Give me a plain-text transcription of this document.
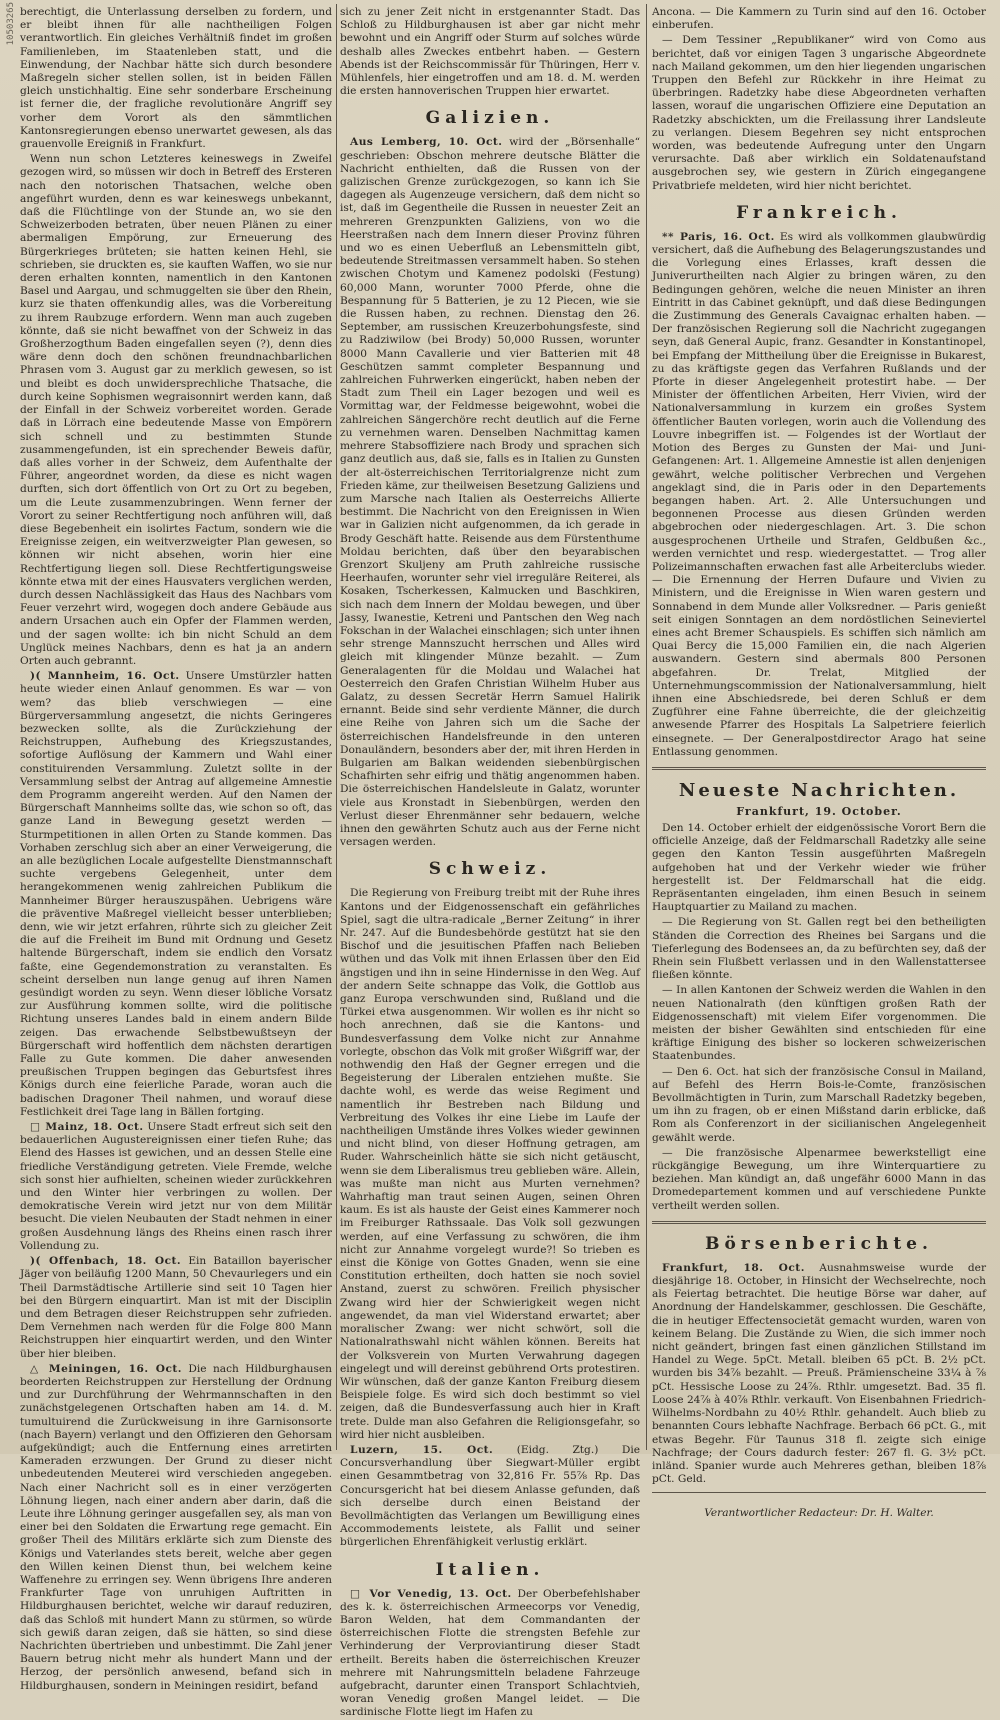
10503265 berechtigt, die Unterlassung derselben zu fordern, und er bleibt ihnen für alle nachtheiligen Folgen verantwortlich. Ein gleiches Verhältniß findet im großen Familienleben, im Staatenleben statt, und die Einwendung, der Nachbar hätte sich durch besondere Maßregeln sicher stellen sollen, ist in beiden Fällen gleich unstichhaltig. Eine sehr sonderbare Erscheinung ist ferner die, der fragliche revolutionäre Angriff sey vorher dem Vorort als den sämmtlichen Kantonsregierungen ebenso unerwartet gewesen, als das grauenvolle Ereigniß in Frankfurt.

Wenn nun schon Letzteres keineswegs in Zweifel gezogen wird, so müssen wir doch in Betreff des Ersteren nach den notorischen Thatsachen, welche oben angeführt wurden, denn es war keineswegs unbekannt, daß die Flüchtlinge von der Stunde an, wo sie den Schweizerboden betraten, über neuen Plänen zu einer abermaligen Empörung, zur Erneuerung des Bürgerkrieges brüteten; sie hatten keinen Hehl, sie schrieben, sie druckten es, sie kauften Waffen, wo sie nur deren erhalten konnten, namentlich in den Kantonen Basel und Aargau, und schmuggelten sie über den Rhein, kurz sie thaten offenkundig alles, was die Vorbereitung zu ihrem Raubzuge erfordern. Wenn man auch zugeben könnte, daß sie nicht bewaffnet von der Schweiz in das Großherzogthum Baden eingefallen seyen (?), denn dies wäre denn doch den schönen freundnachbarlichen Phrasen vom 3. August gar zu merklich gewesen, so ist und bleibt es doch unwidersprechliche Thatsache, die durch keine Sophismen wegraisonnirt werden kann, daß der Einfall in der Schweiz vorbereitet worden. Gerade daß in Lörrach eine bedeutende Masse von Empörern sich schnell und zu bestimmten Stunde zusammengefunden, ist ein sprechender Beweis dafür, daß alles vorher in der Schweiz, dem Aufenthalte der Führer, angeordnet worden, da diese es nicht wagen durften, sich dort öffentlich von Ort zu Ort zu begeben, um die Leute zusammenzubringen. Wenn ferner der Vorort zu seiner Rechtfertigung noch anführen will, daß diese Begebenheit ein isolirtes Factum, sondern wie die Ereignisse zeigen, ein weitverzweigter Plan gewesen, so können wir nicht absehen, worin hier eine Rechtfertigung liegen soll. Diese Rechtfertigungsweise könnte etwa mit der eines Hausvaters verglichen werden, durch dessen Nachlässigkeit das Haus des Nachbars vom Feuer verzehrt wird, wogegen doch andere Gebäude aus andern Ursachen auch ein Opfer der Flammen werden, und der sagen wollte: ich bin nicht Schuld an dem Unglück meines Nachbars, denn es hat ja an andern Orten auch gebrannt.

)( Mannheim, 16. Oct. Unsere Umstürzler hatten heute wieder einen Anlauf genommen. Es war — von wem? das blieb verschwiegen — eine Bürgerversammlung angesetzt, die nichts Geringeres bezwecken sollte, als die Zurückziehung der Reichstruppen, Aufhebung des Kriegszustandes, sofortige Auflösung der Kammern und Wahl einer constituirenden Versammlung. Zuletzt sollte in der Versammlung selbst der Antrag auf allgemeine Amnestie dem Programm angereiht werden. Auf den Namen der Bürgerschaft Mannheims sollte das, wie schon so oft, das ganze Land in Bewegung gesetzt werden — Sturmpetitionen in allen Orten zu Stande kommen. Das Vorhaben zerschlug sich aber an einer Verweigerung, die an alle bezüglichen Locale aufgestellte Dienstmannschaft suchte vergebens Gelegenheit, unter dem herangekommenen wenig zahlreichen Publikum die Mannheimer Bürger herauszuspähen. Uebrigens wäre die präventive Maßregel vielleicht besser unterblieben; denn, wie wir jetzt erfahren, rührte sich zu gleicher Zeit die auf die Freiheit im Bund mit Ordnung und Gesetz haltende Bürgerschaft, indem sie endlich den Vorsatz faßte, eine Gegendemonstration zu veranstalten. Es scheint derselben nun lange genug auf ihren Namen gesündigt worden zu seyn. Wenn dieser löbliche Vorsatz zur Ausführung kommen sollte, wird die politische Richtung unseres Landes bald in einem andern Bilde zeigen. Das erwachende Selbstbewußtseyn der Bürgerschaft wird hoffentlich dem nächsten derartigen Falle zu Gute kommen. Die daher anwesenden preußischen Truppen begingen das Geburtsfest ihres Königs durch eine feierliche Parade, woran auch die badischen Dragoner Theil nahmen, und worauf diese Festlichkeit drei Tage lang in Bällen fortging.

□ Mainz, 18. Oct. Unsere Stadt erfreut sich seit den bedauerlichen Augustereignissen einer tiefen Ruhe; das Elend des Hasses ist gewichen, und an dessen Stelle eine friedliche Verständigung getreten. Viele Fremde, welche sich sonst hier aufhielten, scheinen wieder zurückkehren und den Winter hier verbringen zu wollen. Der demokratische Verein wird jetzt nur von dem Militär besucht. Die vielen Neubauten der Stadt nehmen in einer großen Ausdehnung längs des Rheins einen rasch ihrer Vollendung zu.

)( Offenbach, 18. Oct. Ein Bataillon bayerischer Jäger von beiläufig 1200 Mann, 50 Chevaurlegers und ein Theil Darmstädtische Artillerie sind seit 10 Tagen hier bei den Bürgern einquartirt. Man ist mit der Disciplin und dem Betragen dieser Reichstruppen sehr zufrieden. Dem Vernehmen nach werden für die Folge 800 Mann Reichstruppen hier einquartirt werden, und den Winter über hier bleiben.

△ Meiningen, 16. Oct. Die nach Hildburghausen beorderten Reichstruppen zur Herstellung der Ordnung und zur Durchführung der Wehrmannschaften in den zunächstgelegenen Ortschaften haben am 14. d. M. tumultuirend die Zurückweisung in ihre Garnisonsorte (nach Bayern) verlangt und den Offizieren den Gehorsam aufgekündigt; auch die Entfernung eines arretirten Kameraden erzwungen. Der Grund zu dieser nicht unbedeutenden Meuterei wird verschieden angegeben. Nach einer Nachricht soll es in einer verzögerten Löhnung liegen, nach einer andern aber darin, daß die Leute ihre Löhnung geringer ausgefallen sey, als man von einer bei den Soldaten die Erwartung rege gemacht. Ein großer Theil des Militärs erklärte sich zum Dienste des Königs und Vaterlandes stets bereit, welche aber gegen den Willen keinen Dienst thun, bei welchem keine Waffenehre zu erringen sey. Wenn übrigens Ihre anderen Frankfurter Tage von unruhigen Auftritten in Hildburghausen berichtet, welche wir darauf reduziren, daß das Schloß mit hundert Mann zu stürmen, so würde sich gewiß daran zeigen, daß sie hätten, so sind diese Nachrichten übertrieben und unbestimmt. Die Zahl jener Bauern betrug nicht mehr als hundert Mann und der Herzog, der persönlich anwesend, befand sich in Hildburghausen, sondern in Meiningen residirt, befand

sich zu jener Zeit nicht in erstgenannter Stadt. Das Schloß zu Hildburghausen ist aber gar nicht mehr bewohnt und ein Angriff oder Sturm auf solches würde deshalb alles Zweckes entbehrt haben. — Gestern Abends ist der Reichscommissär für Thüringen, Herr v. Mühlenfels, hier eingetroffen und am 18. d. M. werden die ersten hannoverischen Truppen hier erwartet.

Galizien.

Aus Lemberg, 10. Oct. wird der „Börsenhalle“ geschrieben: Obschon mehrere deutsche Blätter die Nachricht enthielten, daß die Russen von der galizischen Grenze zurückgezogen, so kann ich Sie dagegen als Augenzeuge versichern, daß dem nicht so ist, daß im Gegentheile die Russen in neuester Zeit an mehreren Grenzpunkten Galiziens, von wo die Heerstraßen nach dem Innern dieser Provinz führen und wo es einen Ueberfluß an Lebensmitteln gibt, bedeutende Streitmassen versammelt haben. So stehen zwischen Chotym und Kamenez podolski (Festung) 60,000 Mann, worunter 7000 Pferde, ohne die Bespannung für 5 Batterien, je zu 12 Piecen, wie sie die Russen haben, zu rechnen. Dienstag den 26. September, am russischen Kreuzerbohungsfeste, sind zu Radziwilow (bei Brody) 50,000 Russen, worunter 8000 Mann Cavallerie und vier Batterien mit 48 Geschützen sammt completer Bespannung und zahlreichen Fuhrwerken eingerückt, haben neben der Stadt zum Theil ein Lager bezogen und weil es Vormittag war, der Feldmesse beigewohnt, wobei die zahlreichen Sängerchöre recht deutlich auf die Ferne zu vernehmen waren. Denselben Nachmittag kamen mehrere Stabsoffiziere nach Brody und sprachen sich ganz deutlich aus, daß sie, falls es in Italien zu Gunsten der alt-österreichischen Territorialgrenze nicht zum Frieden käme, zur theilweisen Besetzung Galiziens und zum Marsche nach Italien als Oesterreichs Allierte bestimmt. Die Nachricht von den Ereignissen in Wien war in Galizien nicht aufgenommen, da ich gerade in Brody Geschäft hatte. Reisende aus dem Fürstenthume Moldau berichten, daß über den beyarabischen Grenzort Skuljeny am Pruth zahlreiche russische Heerhaufen, worunter sehr viel irreguläre Reiterei, als Kosaken, Tscherkessen, Kalmucken und Baschkiren, sich nach dem Innern der Moldau bewegen, und über Jassy, Iwanestie, Ketreni und Pantschen den Weg nach Fokschan in der Walachei einschlagen; sich unter ihnen sehr strenge Mannszucht herrschen und Alles wird gleich mit klingender Münze bezahlt. — Zum Generalagenten für die Moldau und Walachei hat Oesterreich den Grafen Christian Wilhelm Huber aus Galatz, zu dessen Secretär Herrn Samuel Halirik ernannt. Beide sind sehr verdiente Männer, die durch eine Reihe von Jahren sich um die Sache der österreichischen Handelsfreunde in den unteren Donauländern, besonders aber der, mit ihren Herden in Bulgarien am Balkan weidenden siebenbürgischen Schafhirten sehr eifrig und thätig angenommen haben. Die österreichischen Handelsleute in Galatz, worunter viele aus Kronstadt in Siebenbürgen, werden den Verlust dieser Ehrenmänner sehr bedauern, welche ihnen den gewährten Schutz auch aus der Ferne nicht versagen werden.

Schweiz.

Die Regierung von Freiburg treibt mit der Ruhe ihres Kantons und der Eidgenossenschaft ein gefährliches Spiel, sagt die ultra-radicale „Berner Zeitung“ in ihrer Nr. 247. Auf die Bundesbehörde gestützt hat sie den Bischof und die jesuitischen Pfaffen nach Belieben wüthen und das Volk mit ihnen Erlassen über den Eid ängstigen und ihn in seine Hindernisse in den Weg. Auf der andern Seite schnappe das Volk, die Gottlob aus ganz Europa verschwunden sind, Rußland und die Türkei etwa ausgenommen. Wir wollen es ihr nicht so hoch anrechnen, daß sie die Kantons- und Bundesverfassung dem Volke nicht zur Annahme vorlegte, obschon das Volk mit großer Wißgriff war, der nothwendig den Haß der Gegner erregen und die Begeisterung der Liberalen entziehen mußte. Sie dachte wohl, es werde das weise Regiment und namentlich ihr Bestreben nach Bildung und Verbreitung des Volkes ihr eine Liebe im Laufe der nachtheiligen Umstände ihres Volkes wieder gewinnen und nicht blind, von dieser Hoffnung getragen, am Ruder. Wahrscheinlich hätte sie sich nicht getäuscht, wenn sie dem Liberalismus treu geblieben wäre. Allein, was mußte man nicht aus Murten vernehmen? Wahrhaftig man traut seinen Augen, seinen Ohren kaum. Es ist als hauste der Geist eines Kammerer noch im Freiburger Rathssaale. Das Volk soll gezwungen werden, auf eine Verfassung zu schwören, die ihm nicht zur Annahme vorgelegt wurde?! So trieben es einst die Könige von Gottes Gnaden, wenn sie eine Constitution ertheilten, doch hatten sie noch soviel Anstand, zuerst zu schwören. Freilich physischer Zwang wird hier der Schwierigkeit wegen nicht angewendet, da man viel Widerstand erwartet; aber moralischer Zwang: wer nicht schwört, soll die Nationalrathswahl nicht wählen können. Bereits hat der Volksverein von Murten Verwahrung dagegen eingelegt und will dereinst gebührend Orts protestiren. Wir wünschen, daß der ganze Kanton Freiburg diesem Beispiele folge. Es wird sich doch bestimmt so viel zeigen, daß die Bundesverfassung auch hier in Kraft trete. Dulde man also Gefahren die Religionsgefahr, so wird hier nicht ausbleiben.

Luzern, 15. Oct. (Eidg. Ztg.) Die Concursverhandlung über Siegwart-Müller ergibt einen Gesammtbetrag von 32,816 Fr. 55⅞ Rp. Das Concursgericht hat bei diesem Anlasse gefunden, daß sich derselbe durch einen Beistand der Bevollmächtigten das Verlangen um Bewilligung eines Accommodements leistete, als Fallit und seiner bürgerlichen Ehrenfähigkeit verlustig erklärt.

Italien.

□ Vor Venedig, 13. Oct. Der Oberbefehlshaber des k. k. österreichischen Armeecorps vor Venedig, Baron Welden, hat dem Commandanten der österreichischen Flotte die strengsten Befehle zur Verhinderung der Verproviantirung dieser Stadt ertheilt. Bereits haben die österreichischen Kreuzer mehrere mit Nahrungsmitteln beladene Fahrzeuge aufgebracht, darunter einen Transport Schlachtvieh, woran Venedig großen Mangel leidet. — Die sardinische Flotte liegt im Hafen zu

Ancona. — Die Kammern zu Turin sind auf den 16. October einberufen.

— Dem Tessiner „Republikaner“ wird von Como aus berichtet, daß vor einigen Tagen 3 ungarische Abgeordnete nach Mailand gekommen, um den hier liegenden ungarischen Truppen den Befehl zur Rückkehr in ihre Heimat zu überbringen. Radetzky habe diese Abgeordneten verhaften lassen, worauf die ungarischen Offiziere eine Deputation an Radetzky abschickten, um die Freilassung ihrer Landsleute zu verlangen. Diesem Begehren sey nicht entsprochen worden, was bedeutende Aufregung unter den Ungarn verursachte. Daß aber wirklich ein Soldatenaufstand ausgebrochen sey, wie gestern in Zürich eingegangene Privatbriefe meldeten, wird hier nicht berichtet.

Frankreich.

** Paris, 16. Oct. Es wird als vollkommen glaubwürdig versichert, daß die Aufhebung des Belagerungszustandes und die Vorlegung eines Erlasses, kraft dessen die Juniverurtheilten nach Algier zu bringen wären, zu den Bedingungen gehören, welche die neuen Minister an ihren Eintritt in das Cabinet geknüpft, und daß diese Bedingungen die Zustimmung des Generals Cavaignac erhalten haben. — Der französischen Regierung soll die Nachricht zugegangen seyn, daß General Aupic, franz. Gesandter in Konstantinopel, bei Empfang der Mittheilung über die Ereignisse in Bukarest, zu das kräftigste gegen das Verfahren Rußlands und der Pforte in dieser Angelegenheit protestirt habe. — Der Minister der öffentlichen Arbeiten, Herr Vivien, wird der Nationalversammlung in kurzem ein großes System öffentlicher Bauten vorlegen, worin auch die Vollendung des Louvre inbegriffen ist. — Folgendes ist der Wortlaut der Motion des Berges zu Gunsten der Mai- und Juni-Gefangenen: Art. 1. Allgemeine Amnestie ist allen denjenigen gewährt, welche politischer Verbrechen und Vergehen angeklagt sind, die in Paris oder in den Departements begangen haben. Art. 2. Alle Untersuchungen und begonnenen Processe aus diesen Gründen werden abgebrochen oder niedergeschlagen. Art. 3. Die schon ausgesprochenen Urtheile und Strafen, Geldbußen &c., werden vernichtet und resp. wiedergestattet. — Trog aller Polizeimannschaften erwachen fast alle Arbeiterclubs wieder. — Die Ernennung der Herren Dufaure und Vivien zu Ministern, und die Ereignisse in Wien waren gestern und Sonnabend in dem Munde aller Volksredner. — Paris genießt seit einigen Sonntagen an dem nordöstlichen Seineviertel eines acht Bremer Schauspiels. Es schiffen sich nämlich am Quai Bercy die 15,000 Familien ein, die nach Algerien auswandern. Gestern sind abermals 800 Personen abgefahren. Dr. Trelat, Mitglied der Unternehmungscommission der Nationalversammlung, hielt ihnen eine Abschiedsrede, bei deren Schluß er dem Zugführer eine Fahne überreichte, die der gleichzeitig anwesende Pfarrer des Hospitals La Salpetriere feierlich einsegnete. — Der Generalpostdirector Arago hat seine Entlassung genommen.

Neueste Nachrichten.
Frankfurt, 19. October.

Den 14. October erhielt der eidgenössische Vorort Bern die officielle Anzeige, daß der Feldmarschall Radetzky alle seine gegen den Kanton Tessin ausgeführten Maßregeln aufgehoben hat und der Verkehr wieder wie früher hergestellt ist. Der Feldmarschall hat die eidg. Repräsentanten eingeladen, ihm einen Besuch in seinem Hauptquartier zu Mailand zu machen.

— Die Regierung von St. Gallen regt bei den betheiligten Ständen die Correction des Rheines bei Sargans und die Tieferlegung des Bodensees an, da zu befürchten sey, daß der Rhein sein Flußbett verlassen und in den Wallenstattersee fließen könnte.

— In allen Kantonen der Schweiz werden die Wahlen in den neuen Nationalrath (den künftigen großen Rath der Eidgenossenschaft) mit vielem Eifer vorgenommen. Die meisten der bisher Gewählten sind entschieden für eine kräftige Einigung des bisher so lockeren schweizerischen Staatenbundes.

— Den 6. Oct. hat sich der französische Consul in Mailand, auf Befehl des Herrn Bois-le-Comte, französischen Bevollmächtigten in Turin, zum Marschall Radetzky begeben, um ihn zu fragen, ob er einen Mißstand darin erblicke, daß Rom als Conferenzort in der sicilianischen Angelegenheit gewählt werde.

— Die französische Alpenarmee bewerkstelligt eine rückgängige Bewegung, um ihre Winterquartiere zu beziehen. Man kündigt an, daß ungefähr 6000 Mann in das Dromedepartement kommen und auf verschiedene Punkte vertheilt werden sollen.

Börsenberichte.

Frankfurt, 18. Oct. Ausnahmsweise wurde der diesjährige 18. October, in Hinsicht der Wechselrechte, noch als Feiertag betrachtet. Die heutige Börse war daher, auf Anordnung der Handelskammer, geschlossen. Die Geschäfte, die in heutiger Effectensocietät gemacht wurden, waren von keinem Belang. Die Zustände zu Wien, die sich immer noch nicht geändert, bringen fast einen gänzlichen Stillstand im Handel zu Wege. 5pCt. Metall. bleiben 65 pCt. B. 2½ pCt. wurden bis 34⅞ bezahlt. — Preuß. Prämienscheine 33¼ à ⅞ pCt. Hessische Loose zu 24⅞. Rthlr. umgesetzt. Bad. 35 fl. Loose 24⅞ à 40⅞ Rthlr. verkauft. Von Eisenbahnen Friedrich-Wilhelms-Nordbahn zu 40½ Rthlr. gehandelt. Auch blieb zu benannten Cours lebhafte Nachfrage. Berbach 66 pCt. G., mit etwas Begehr. Für Taunus 318 fl. zeigte sich einige Nachfrage; der Cours dadurch fester: 267 fl. G. 3½ pCt. inländ. Spanier wurde auch Mehreres gethan, bleiben 18⅞ pCt. Geld.

Verantwortlicher Redacteur: Dr. H. Walter.
